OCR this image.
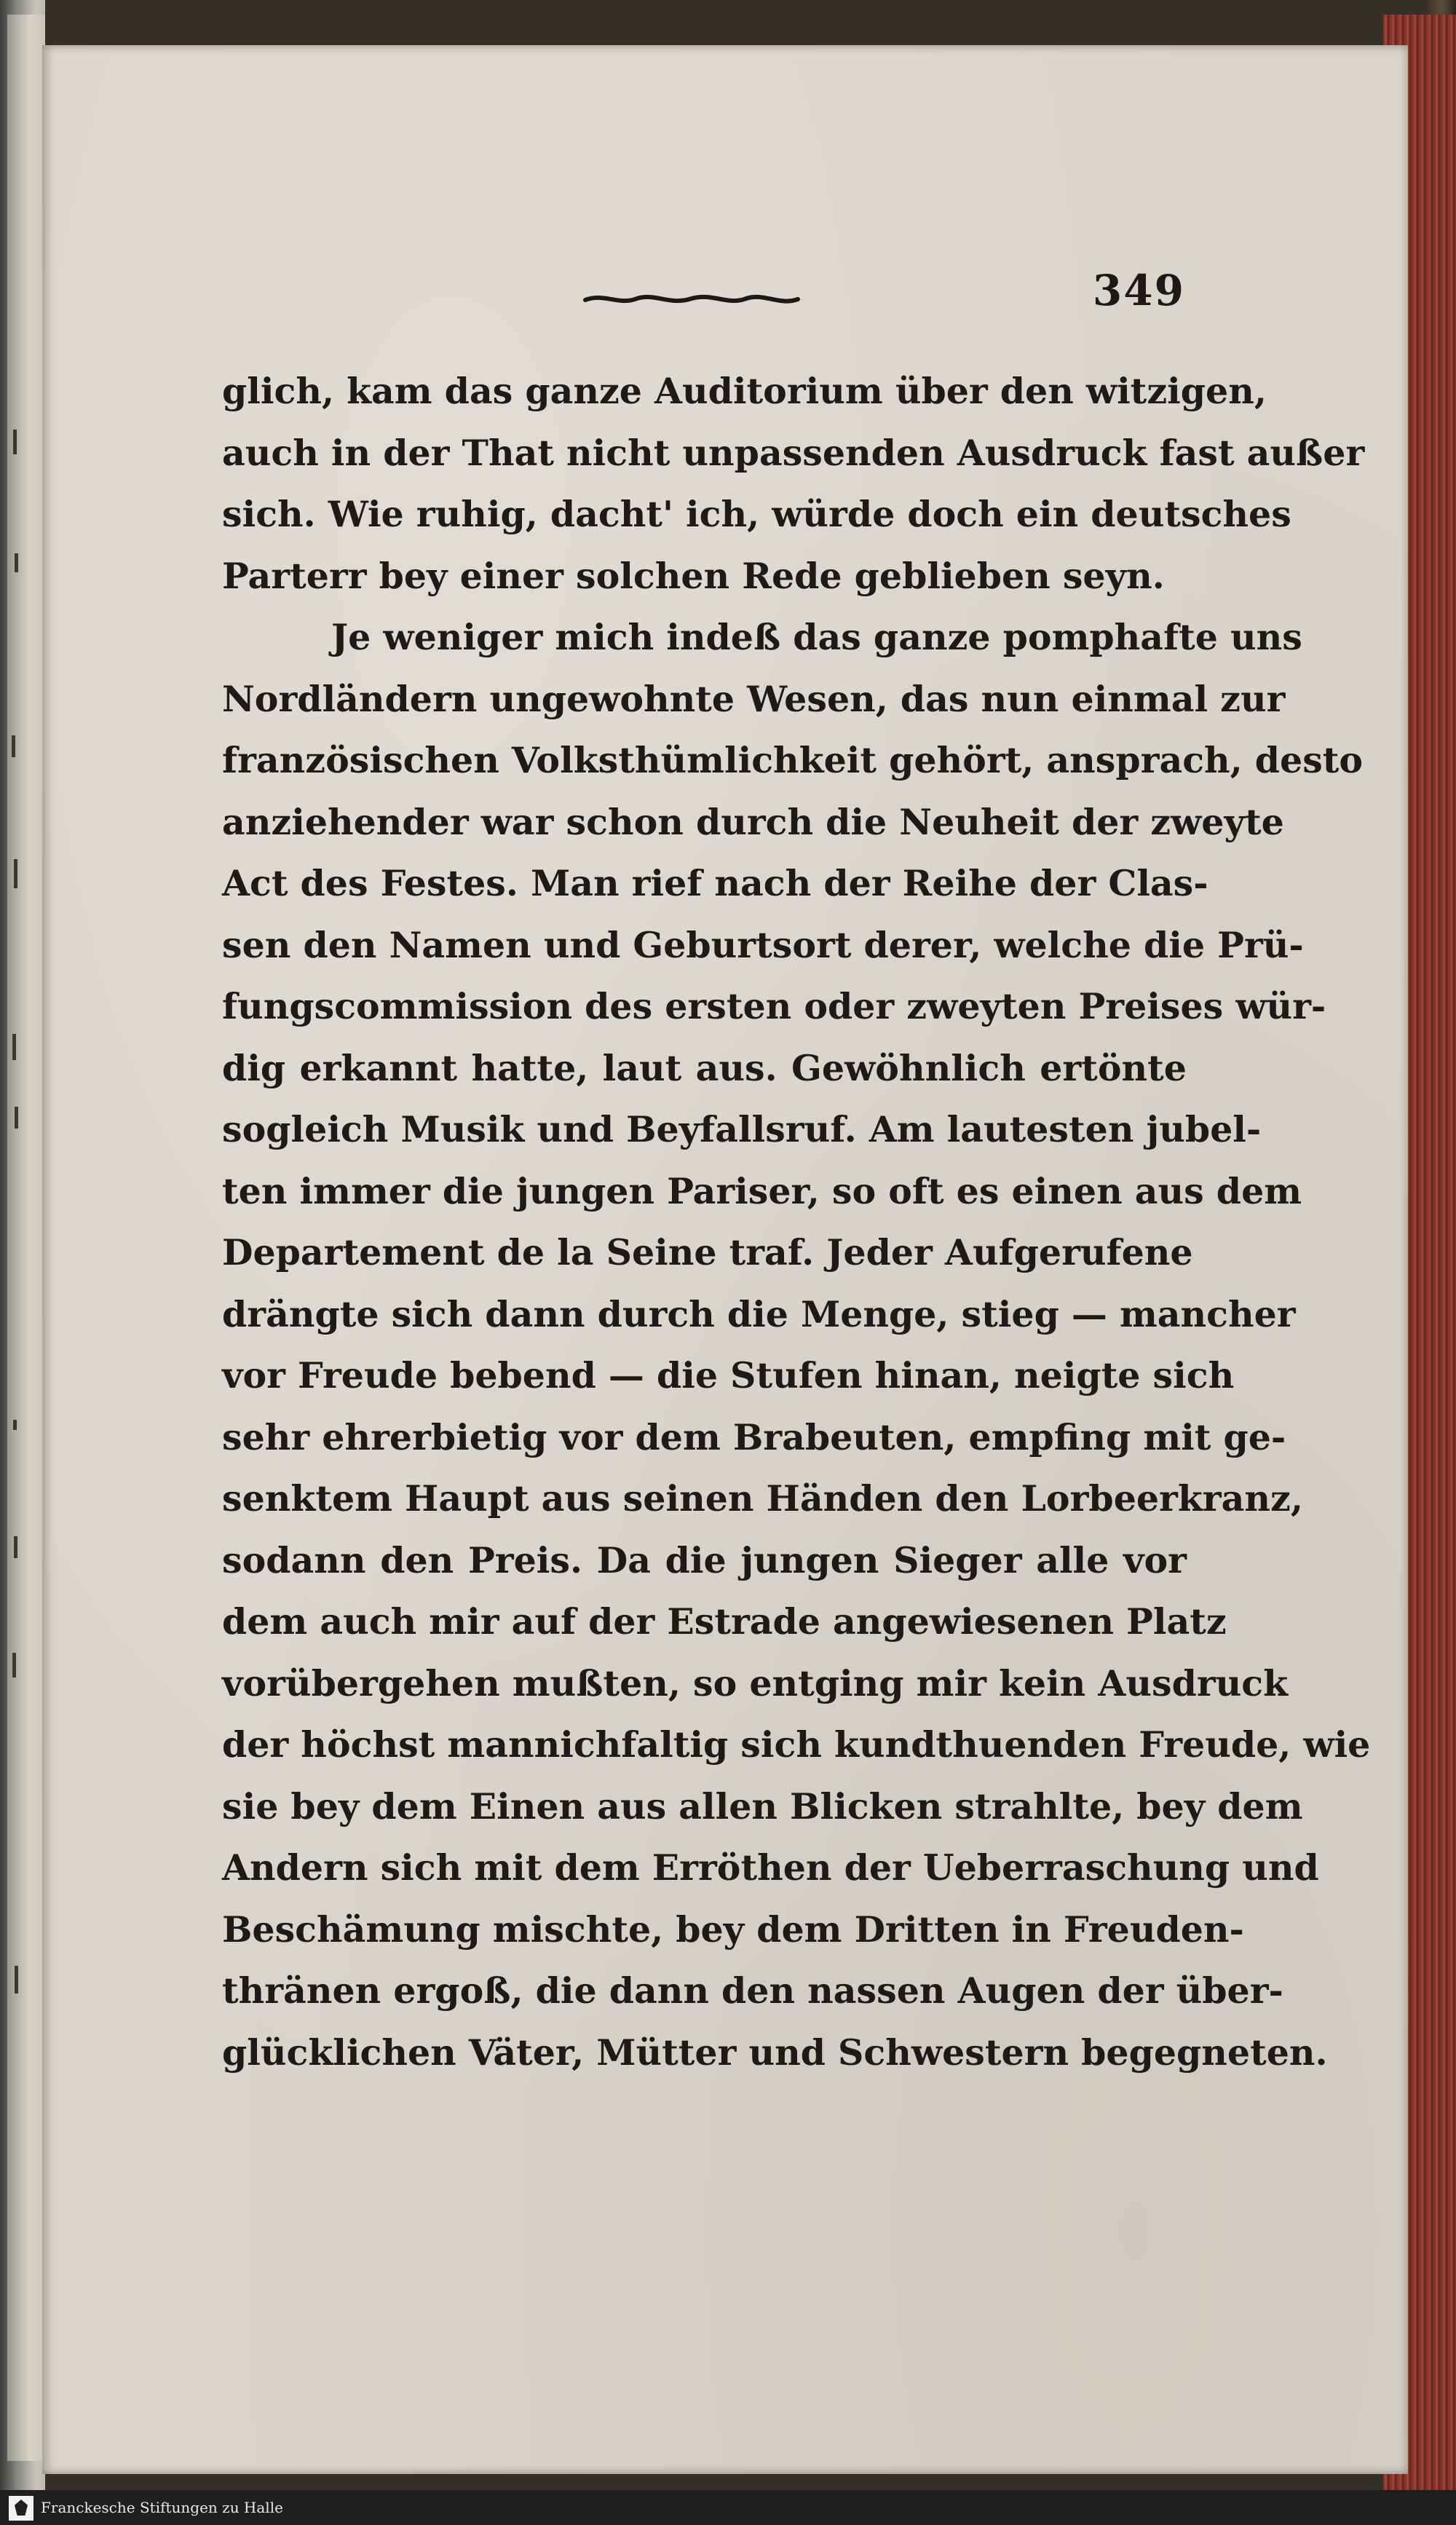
349
glich, kam das ganze Auditorium über den witzigen,
auch in der That nicht unpassenden Ausdruck fast außer
sich. Wie ruhig, dacht' ich, würde doch ein deutsches
Parterr bey einer solchen Rede geblieben seyn.
Je weniger mich indeß das ganze pomphafte uns
Nordländern ungewohnte Wesen, das nun einmal zur
französischen Volksthümlichkeit gehört, ansprach, desto
anziehender war schon durch die Neuheit der zweyte
Act des Festes. Man rief nach der Reihe der Clas-
sen den Namen und Geburtsort derer, welche die Prü-
fungscommission des ersten oder zweyten Preises wür-
dig erkannt hatte, laut aus. Gewöhnlich ertönte
sogleich Musik und Beyfallsruf. Am lautesten jubel-
ten immer die jungen Pariser, so oft es einen aus dem
Departement de la Seine traf. Jeder Aufgerufene
drängte sich dann durch die Menge, stieg — mancher
vor Freude bebend — die Stufen hinan, neigte sich
sehr ehrerbietig vor dem Brabeuten, empfing mit ge-
senktem Haupt aus seinen Händen den Lorbeerkranz,
sodann den Preis. Da die jungen Sieger alle vor
dem auch mir auf der Estrade angewiesenen Platz
vorübergehen mußten, so entging mir kein Ausdruck
der höchst mannichfaltig sich kundthuenden Freude, wie
sie bey dem Einen aus allen Blicken strahlte, bey dem
Andern sich mit dem Erröthen der Ueberraschung und
Beschämung mischte, bey dem Dritten in Freuden-
thränen ergoß, die dann den nassen Augen der über-
glücklichen Väter, Mütter und Schwestern begegneten.
Franckesche Stiftungen zu Halle
